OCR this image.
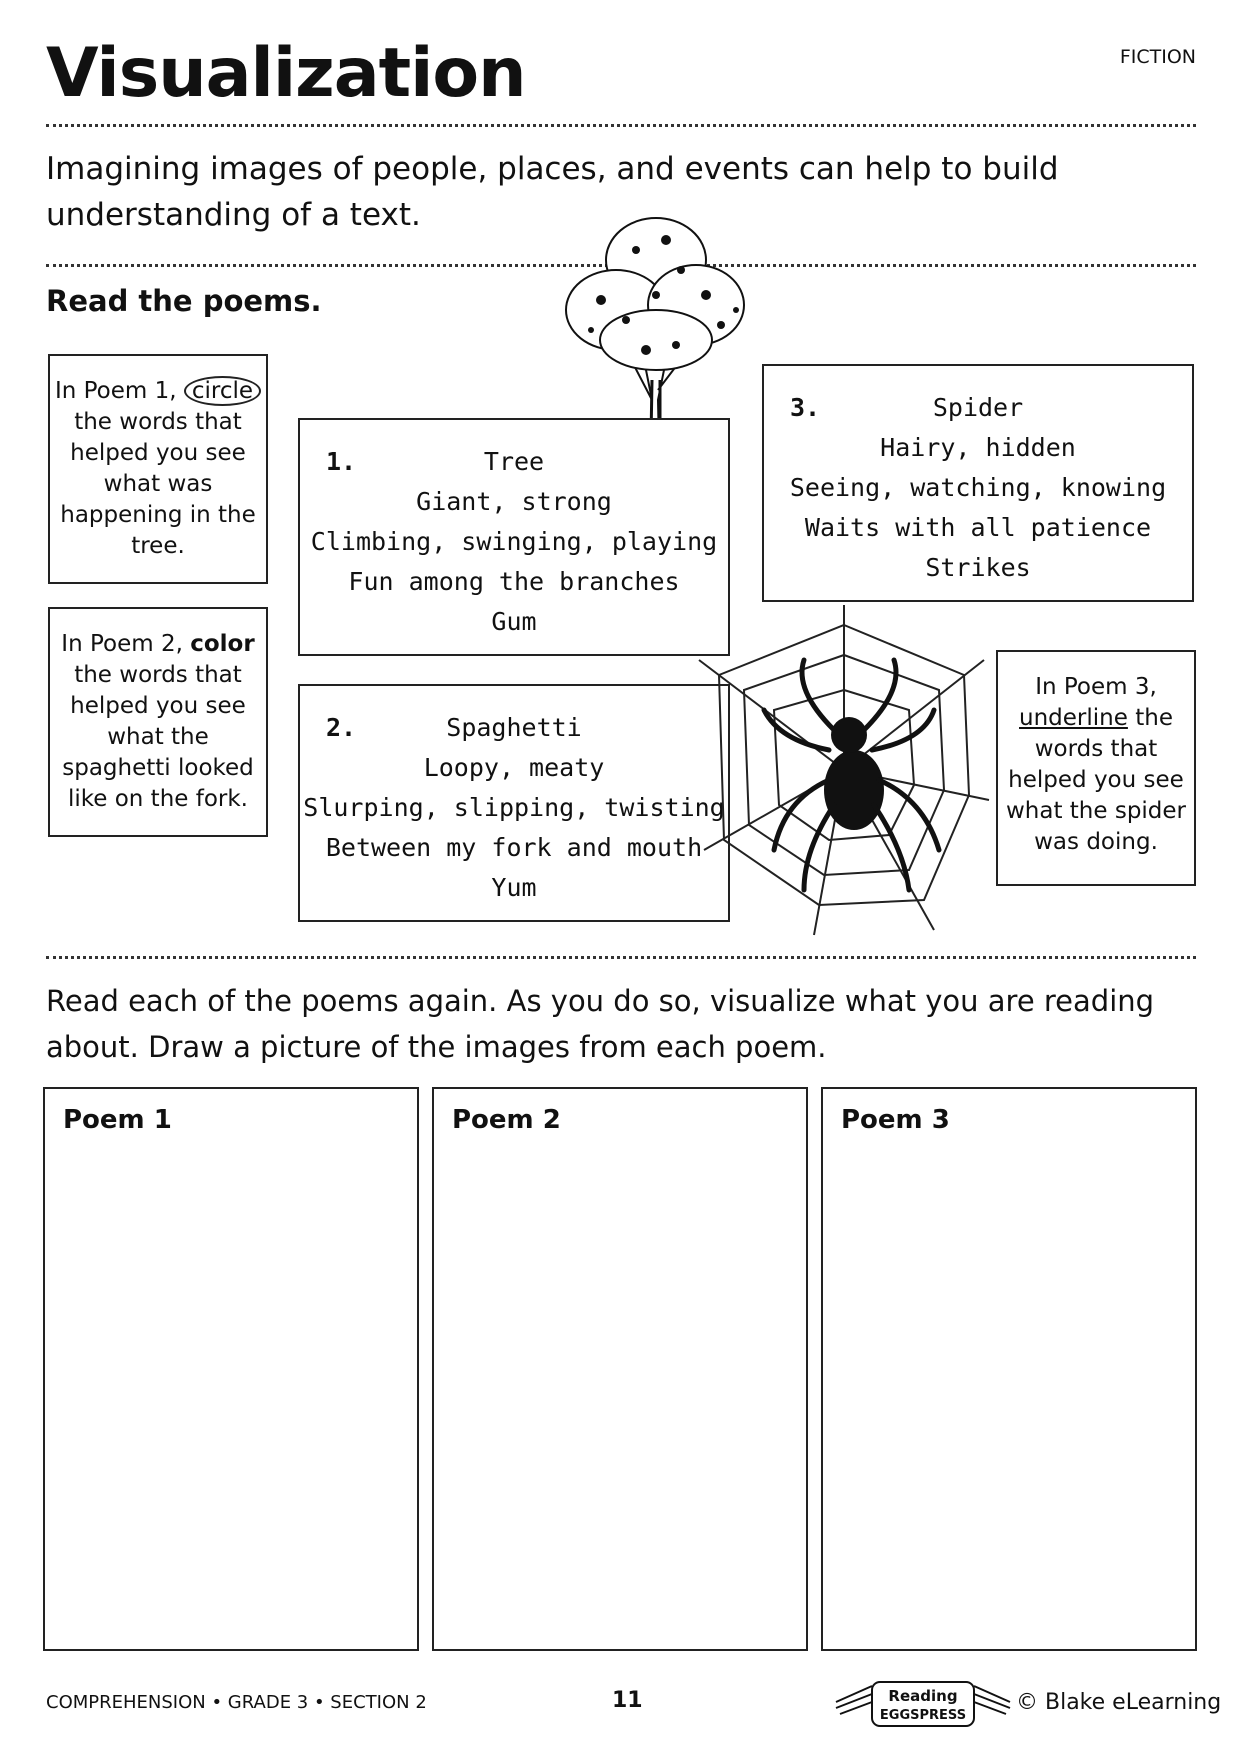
Visualization	FICTION
Imagining images of people, places, and events can help to build understanding of a text.
Read the poems.
In Poem 1, circle the words that helped you see what was happening in the tree.
In Poem 2, color the words that helped you see what the spaghetti looked like on the fork.
In Poem 3, underline the words that helped you see what the spider was doing.
1.	Tree
Giant, strong
Climbing, swinging, playing
Fun among the branches
Gum
2.	Spaghetti
Loopy, meaty
Slurping, slipping, twisting
Between my fork and mouth
Yum
3.	Spider
Hairy, hidden
Seeing, watching, knowing
Waits with all patience
Strikes
Read each of the poems again. As you do so, visualize what you are reading about. Draw a picture of the images from each poem.
Poem 1	Poem 2	Poem 3
COMPREHENSION • GRADE 3 • SECTION 2	11	Reading
EGGSPRESS
© Blake eLearning
